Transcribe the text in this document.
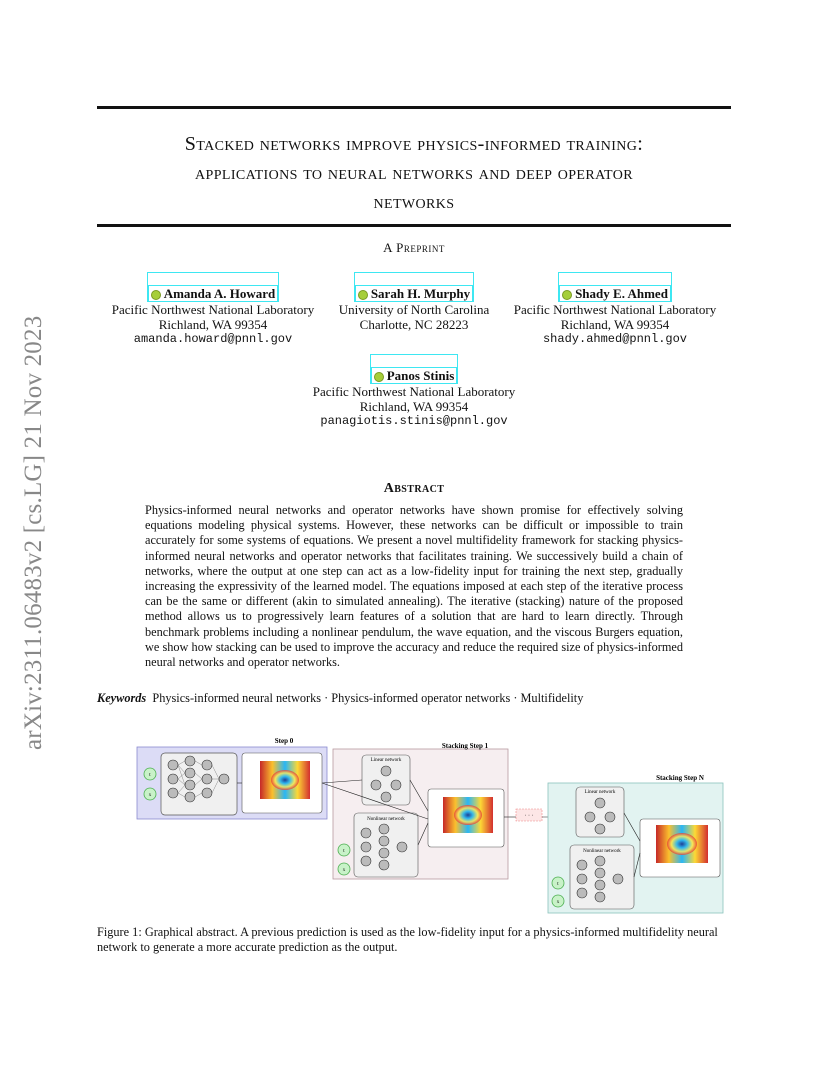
Stacked networks improve physics-informed training:
applications to neural networks and deep operator
networks
A Preprint
Amanda A. Howard
Pacific Northwest National Laboratory
Richland, WA 99354
amanda.howard@pnnl.gov
Sarah H. Murphy
University of North Carolina
Charlotte, NC 28223
Shady E. Ahmed
Pacific Northwest National Laboratory
Richland, WA 99354
shady.ahmed@pnnl.gov
Panos Stinis
Pacific Northwest National Laboratory
Richland, WA 99354
panagiotis.stinis@pnnl.gov
Abstract
Physics-informed neural networks and operator networks have shown promise for effectively solving equations modeling physical systems. However, these networks can be difficult or impossible to train accurately for some systems of equations. We present a novel multifidelity framework for stacking physics-informed neural networks and operator networks that facilitates training. We successively build a chain of networks, where the output at one step can act as a low-fidelity input for training the next step, gradually increasing the expressivity of the learned model. The equations imposed at each step of the iterative process can be the same or different (akin to simulated annealing). The iterative (stacking) nature of the proposed method allows us to progressively learn features of a solution that are hard to learn directly. Through benchmark problems including a nonlinear pendulum, the wave equation, and the viscous Burgers equation, we show how stacking can be used to improve the accuracy and reduce the required size of physics-informed neural networks and operator networks.
Keywords Physics-informed neural networks · Physics-informed operator networks · Multifidelity
arXiv:2311.06483v2 [cs.LG] 21 Nov 2023	Step 0
t
x
Stacking Step 1
Linear network
Nonlinear network
t
x
· · ·
Stacking Step N
Linear network
Nonlinear network
t
x
Figure 1: Graphical abstract. A previous prediction is used as the low-fidelity input for a physics-informed multifidelity neural network to generate a more accurate prediction as the output.
